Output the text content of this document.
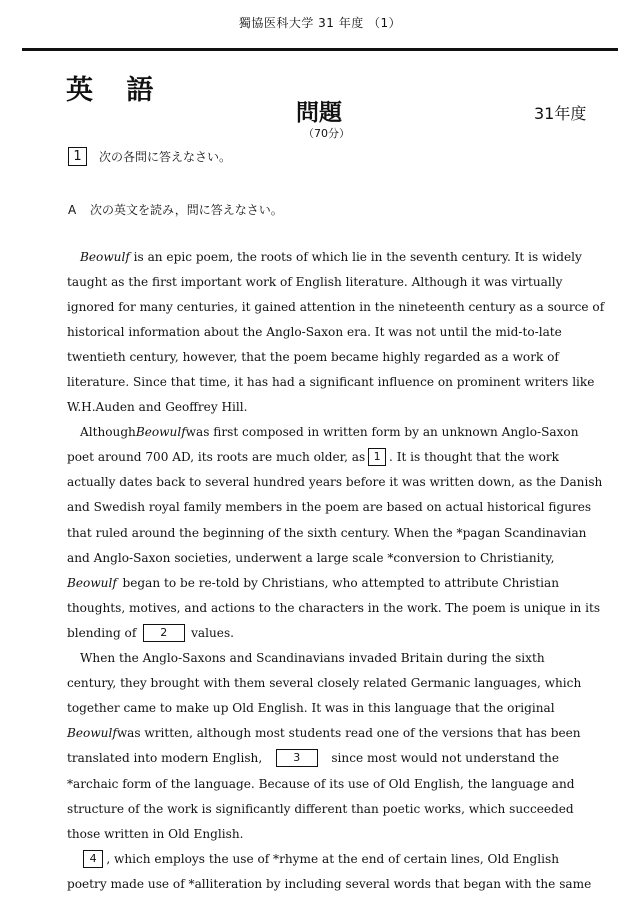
獨協医科大学 31 年度 （1）
英 語
問題
（70分）
31年度
1	次の各問に答えなさい。
A 次の英文を読み，問に答えなさい。
Beowulf is an epic poem, the roots of which lie in the seventh century. It is widely
taught as the first important work of English literature. Although it was virtually
ignored for many centuries, it gained attention in the nineteenth century as a source of
historical information about the Anglo-Saxon era. It was not until the mid-to-late
twentieth century, however, that the poem became highly regarded as a work of
literature. Since that time, it has had a significant influence on prominent writers like
W.H.Auden and Geoffrey Hill.
Although Beowulf was first composed in written form by an unknown Anglo-Saxon
poet around 700 AD, its roots are much older, as 1 . It is thought that the work
actually dates back to several hundred years before it was written down, as the Danish
and Swedish royal family members in the poem are based on actual historical figures
that ruled around the beginning of the sixth century. When the *pagan Scandinavian
and Anglo-Saxon societies, underwent a large scale *conversion to Christianity,
Beowulf began to be re-told by Christians, who attempted to attribute Christian
thoughts, motives, and actions to the characters in the work. The poem is unique in its
blending of	2	values.
When the Anglo-Saxons and Scandinavians invaded Britain during the sixth
century, they brought with them several closely related Germanic languages, which
together came to make up Old English. It was in this language that the original
Beowulf was written, although most students read one of the versions that has been
translated into modern English,	3	since most would not understand the
*archaic form of the language. Because of its use of Old English, the language and
structure of the work is significantly different than poetic works, which succeeded
those written in Old English.
4 , which employs the use of *rhyme at the end of certain lines, Old English
poetry made use of *alliteration by including several words that began with the same
